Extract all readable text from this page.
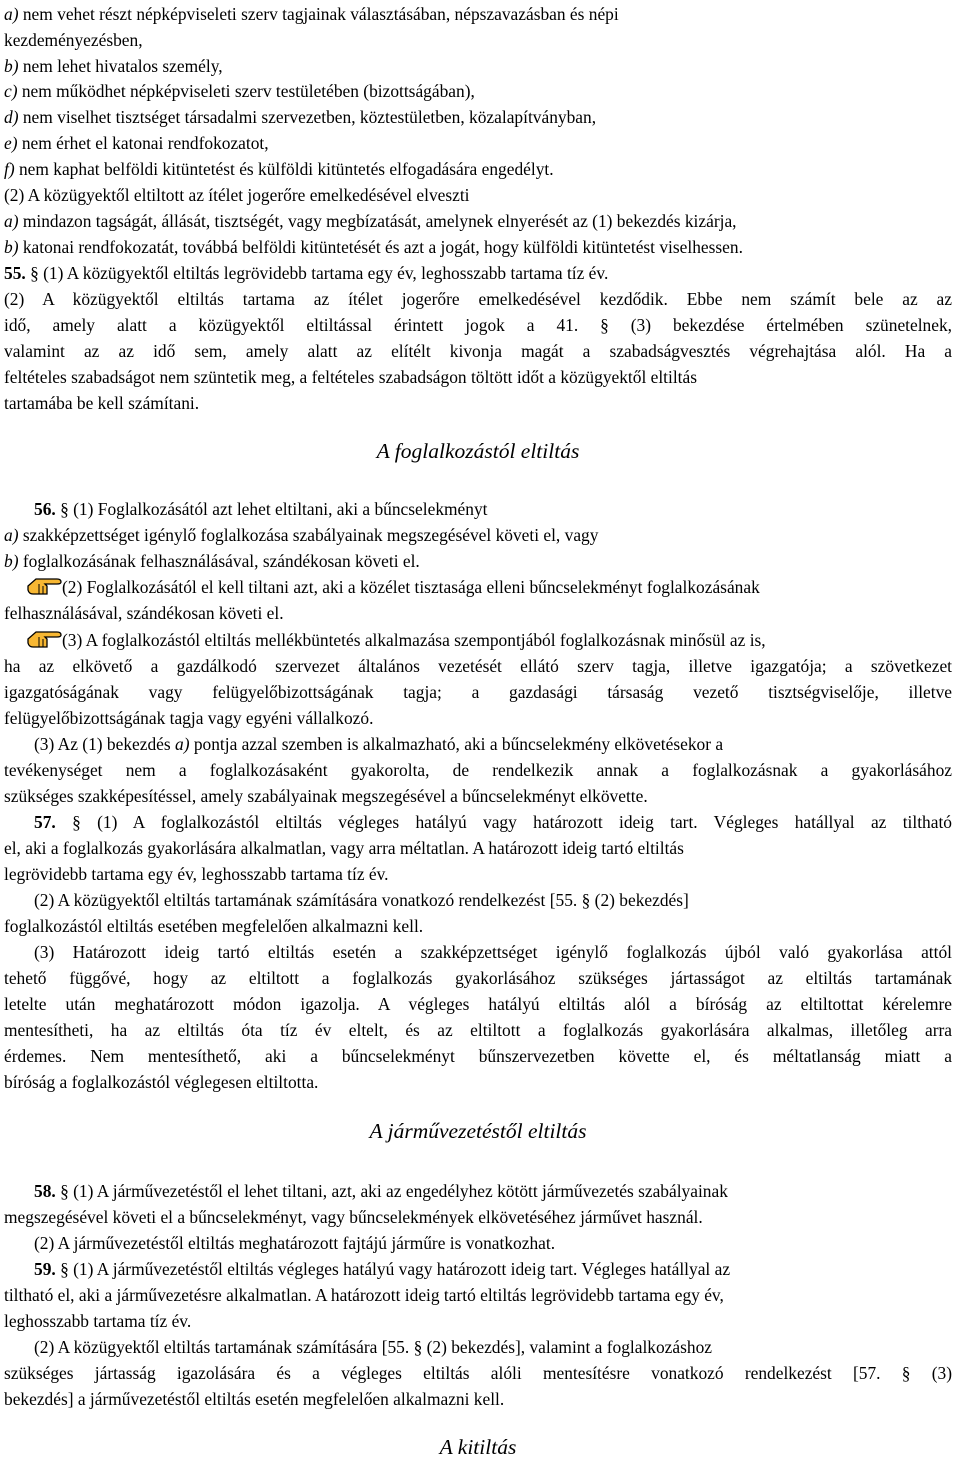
a) nem vehet részt népképviseleti szerv tagjainak választásában, népszavazásban és népi
kezdeményezésben,
b) nem lehet hivatalos személy,
c) nem működhet népképviseleti szerv testületében (bizottságában),
d) nem viselhet tisztséget társadalmi szervezetben, köztestületben, közalapítványban,
e) nem érhet el katonai rendfokozatot,
f) nem kaphat belföldi kitüntetést és külföldi kitüntetés elfogadására engedélyt.
(2) A közügyektől eltiltott az ítélet jogerőre emelkedésével elveszti
a) mindazon tagságát, állását, tisztségét, vagy megbízatását, amelynek elnyerését az (1) bekezdés kizárja,
b) katonai rendfokozatát, továbbá belföldi kitüntetését és azt a jogát, hogy külföldi kitüntetést viselhessen.
55. § (1) A közügyektől eltiltás legrövidebb tartama egy év, leghosszabb tartama tíz év.
(2) A közügyektől eltiltás tartama az ítélet jogerőre emelkedésével kezdődik. Ebbe nem számít bele az az
idő, amely alatt a közügyektől eltiltással érintett jogok a 41. § (3) bekezdése értelmében szünetelnek,
valamint az az idő sem, amely alatt az elítélt kivonja magát a szabadságvesztés végrehajtása alól. Ha a
feltételes szabadságot nem szüntetik meg, a feltételes szabadságon töltött időt a közügyektől eltiltás
tartamába be kell számítani.
A foglalkozástól eltiltás
56. § (1) Foglalkozásától azt lehet eltiltani, aki a bűncselekményt
a) szakképzettséget igénylő foglalkozása szabályainak megszegésével követi el, vagy
b) foglalkozásának felhasználásával, szándékosan követi el.
(2) Foglalkozásától el kell tiltani azt, aki a közélet tisztasága elleni bűncselekményt foglalkozásának
felhasználásával, szándékosan követi el.
(3) A foglalkozástól eltiltás mellékbüntetés alkalmazása szempontjából foglalkozásnak minősül az is,
ha az elkövető a gazdálkodó szervezet általános vezetését ellátó szerv tagja, illetve igazgatója; a szövetkezet
igazgatóságának vagy felügyelőbizottságának tagja; a gazdasági társaság vezető tisztségviselője, illetve
felügyelőbizottságának tagja vagy egyéni vállalkozó.
(3) Az (1) bekezdés a) pontja azzal szemben is alkalmazható, aki a bűncselekmény elkövetésekor a
tevékenységet nem a foglalkozásaként gyakorolta, de rendelkezik annak a foglalkozásnak a gyakorlásához
szükséges szakképesítéssel, amely szabályainak megszegésével a bűncselekményt elkövette.
57. § (1) A foglalkozástól eltiltás végleges hatályú vagy határozott ideig tart. Végleges hatállyal az tiltható
el, aki a foglalkozás gyakorlására alkalmatlan, vagy arra méltatlan. A határozott ideig tartó eltiltás
legrövidebb tartama egy év, leghosszabb tartama tíz év.
(2) A közügyektől eltiltás tartamának számítására vonatkozó rendelkezést [55. § (2) bekezdés]
foglalkozástól eltiltás esetében megfelelően alkalmazni kell.
(3) Határozott ideig tartó eltiltás esetén a szakképzettséget igénylő foglalkozás újból való gyakorlása attól
tehető függővé, hogy az eltiltott a foglalkozás gyakorlásához szükséges jártasságot az eltiltás tartamának
letelte után meghatározott módon igazolja. A végleges hatályú eltiltás alól a bíróság az eltiltottat kérelemre
mentesítheti, ha az eltiltás óta tíz év eltelt, és az eltiltott a foglalkozás gyakorlására alkalmas, illetőleg arra
érdemes. Nem mentesíthető, aki a bűncselekményt bűnszervezetben követte el, és méltatlanság miatt a
bíróság a foglalkozástól véglegesen eltiltotta.
A járművezetéstől eltiltás
58. § (1) A járművezetéstől el lehet tiltani, azt, aki az engedélyhez kötött járművezetés szabályainak
megszegésével követi el a bűncselekményt, vagy bűncselekmények elkövetéséhez járművet használ.
(2) A járművezetéstől eltiltás meghatározott fajtájú járműre is vonatkozhat.
59. § (1) A járművezetéstől eltiltás végleges hatályú vagy határozott ideig tart. Végleges hatállyal az
tiltható el, aki a járművezetésre alkalmatlan. A határozott ideig tartó eltiltás legrövidebb tartama egy év,
leghosszabb tartama tíz év.
(2) A közügyektől eltiltás tartamának számítására [55. § (2) bekezdés], valamint a foglalkozáshoz
szükséges jártasság igazolására és a végleges eltiltás alóli mentesítésre vonatkozó rendelkezést [57. § (3)
bekezdés] a járművezetéstől eltiltás esetén megfelelően alkalmazni kell.
A kitiltás
